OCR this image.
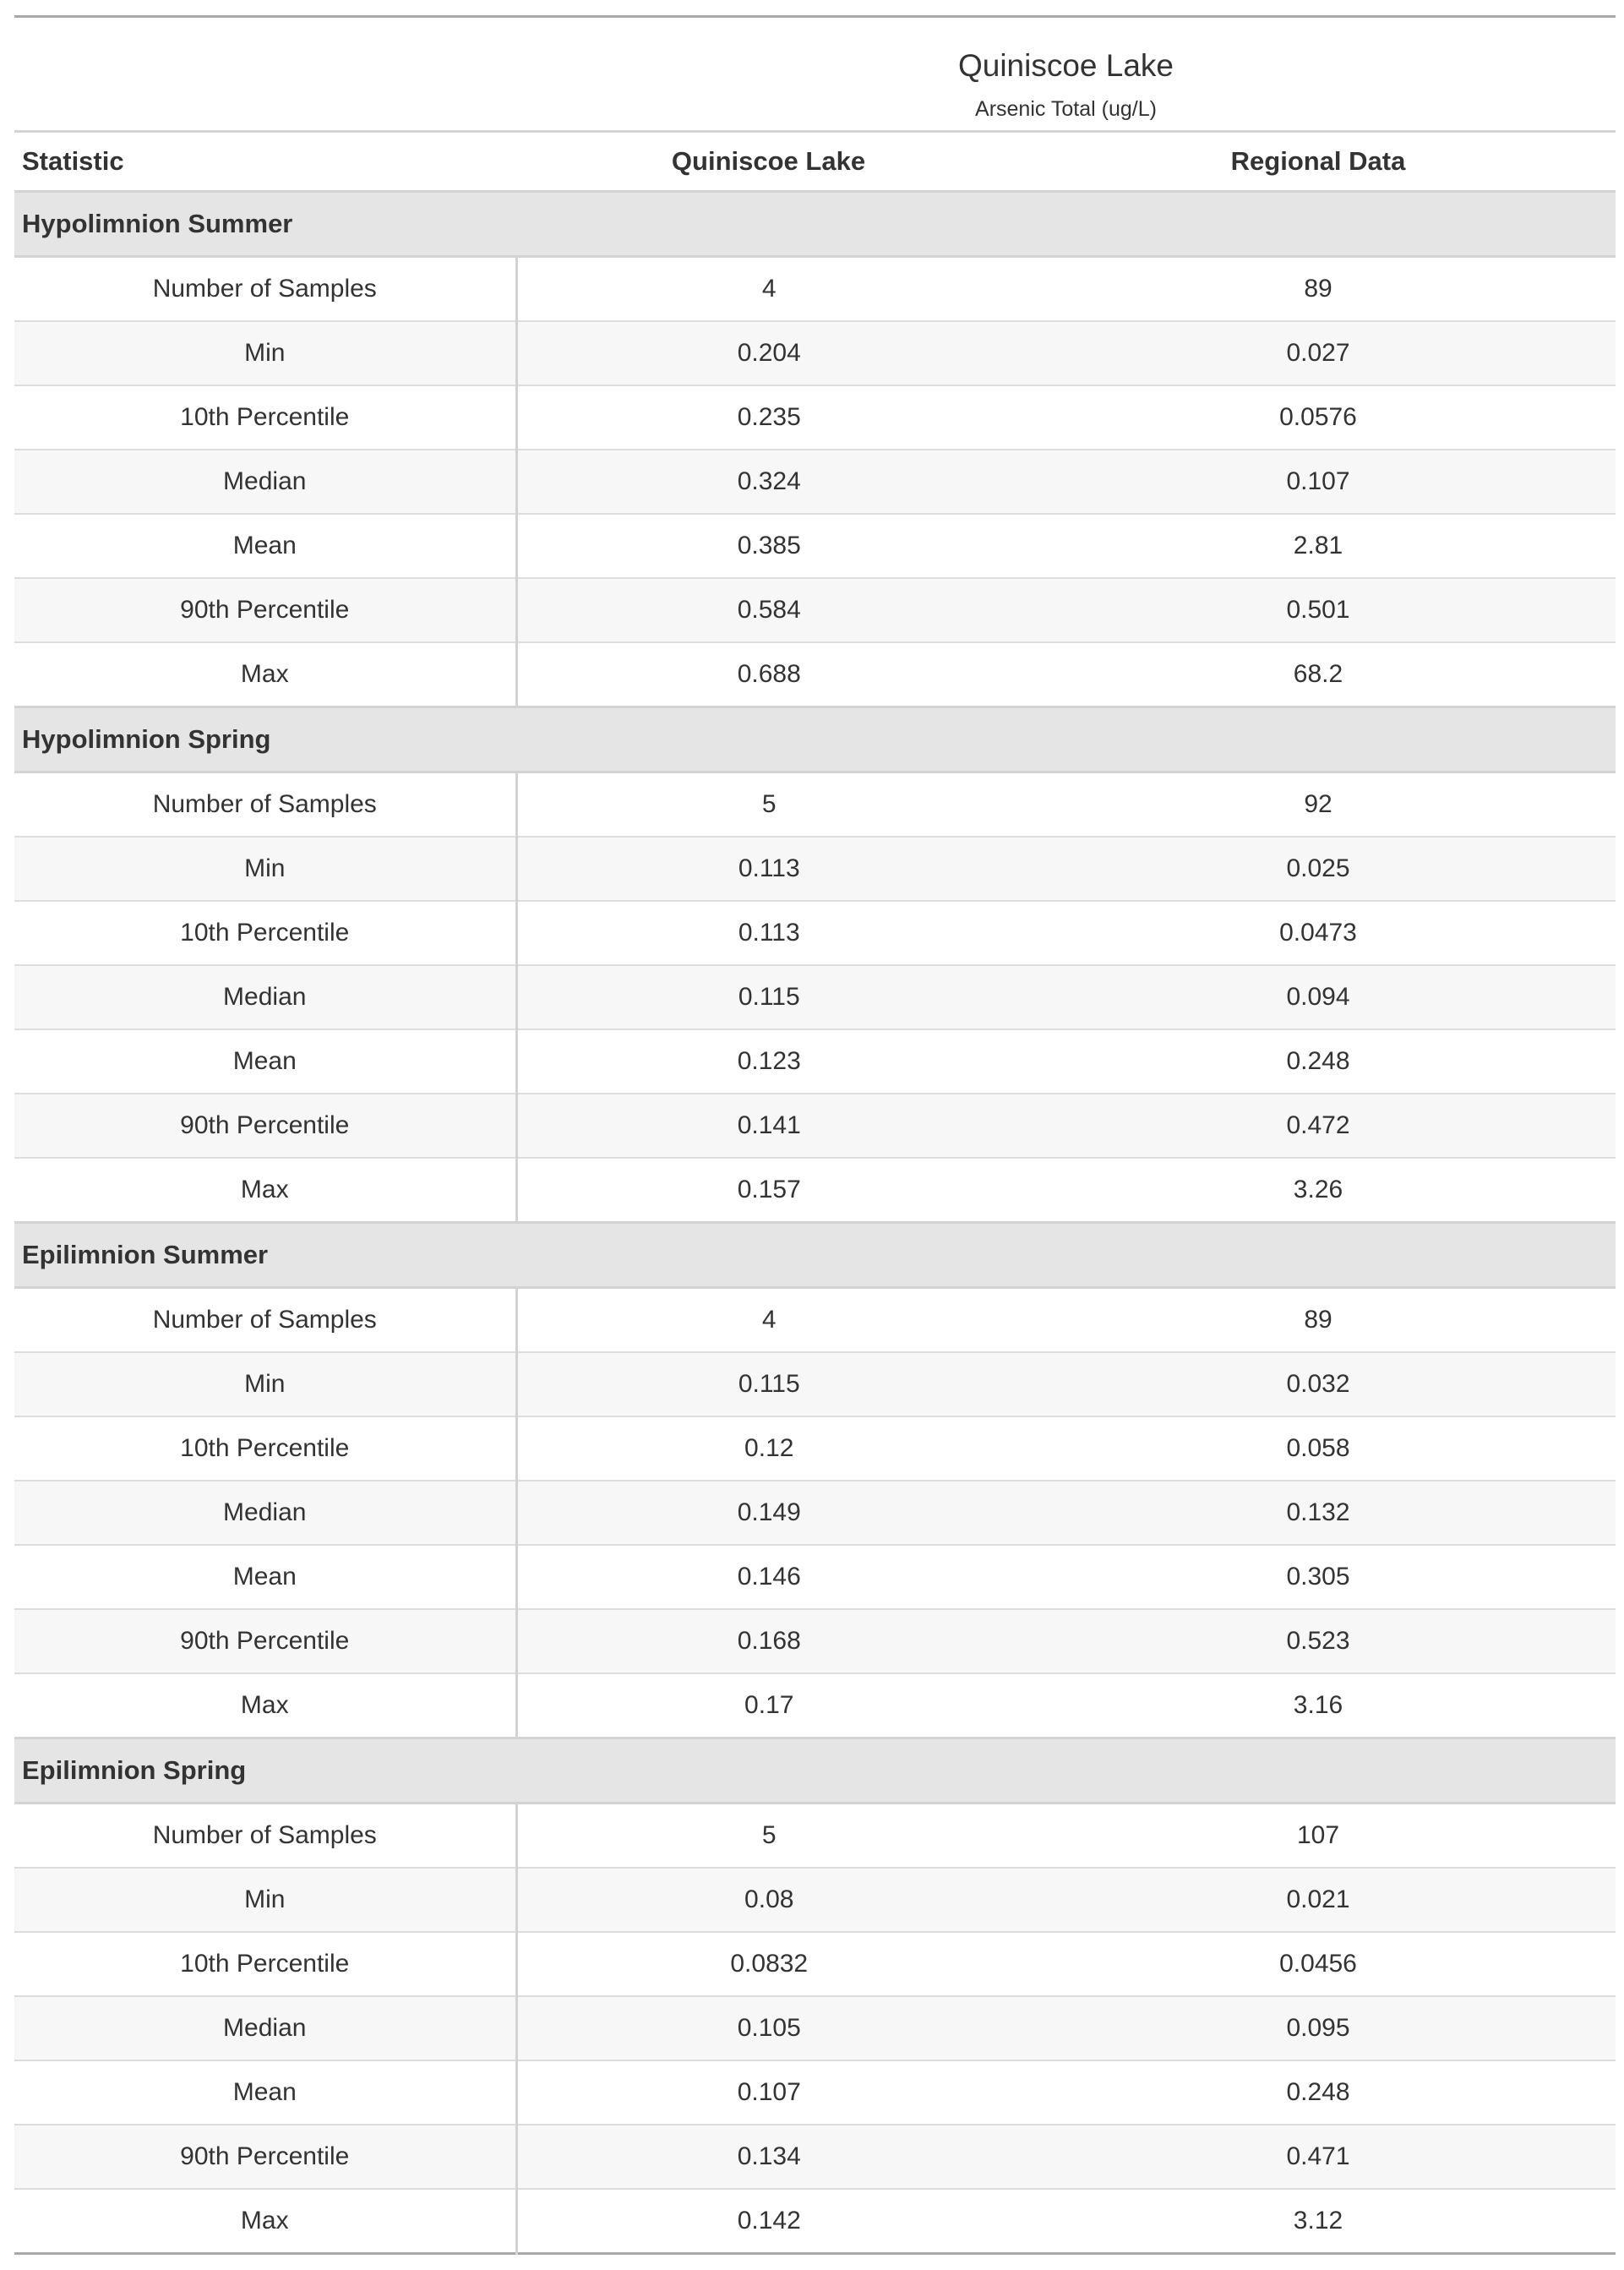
Quiniscoe Lake		

Arsenic Total (ug/L)		

Statistic	Quiniscoe Lake	Regional Data
Hypolimnion Summer		
Number of Samples	4	89
Min	0.204	0.027
10th Percentile	0.235	0.0576
Median	0.324	0.107
Mean	0.385	2.81
90th Percentile	0.584	0.501
Max	0.688	68.2
Hypolimnion Spring		
Number of Samples	5	92
Min	0.113	0.025
10th Percentile	0.113	0.0473
Median	0.115	0.094
Mean	0.123	0.248
90th Percentile	0.141	0.472
Max	0.157	3.26
Epilimnion Summer		
Number of Samples	4	89
Min	0.115	0.032
10th Percentile	0.12	0.058
Median	0.149	0.132
Mean	0.146	0.305
90th Percentile	0.168	0.523
Max	0.17	3.16
Epilimnion Spring		
Number of Samples	5	107
Min	0.08	0.021
10th Percentile	0.0832	0.0456
Median	0.105	0.095
Mean	0.107	0.248
90th Percentile	0.134	0.471
Max	0.142	3.12
